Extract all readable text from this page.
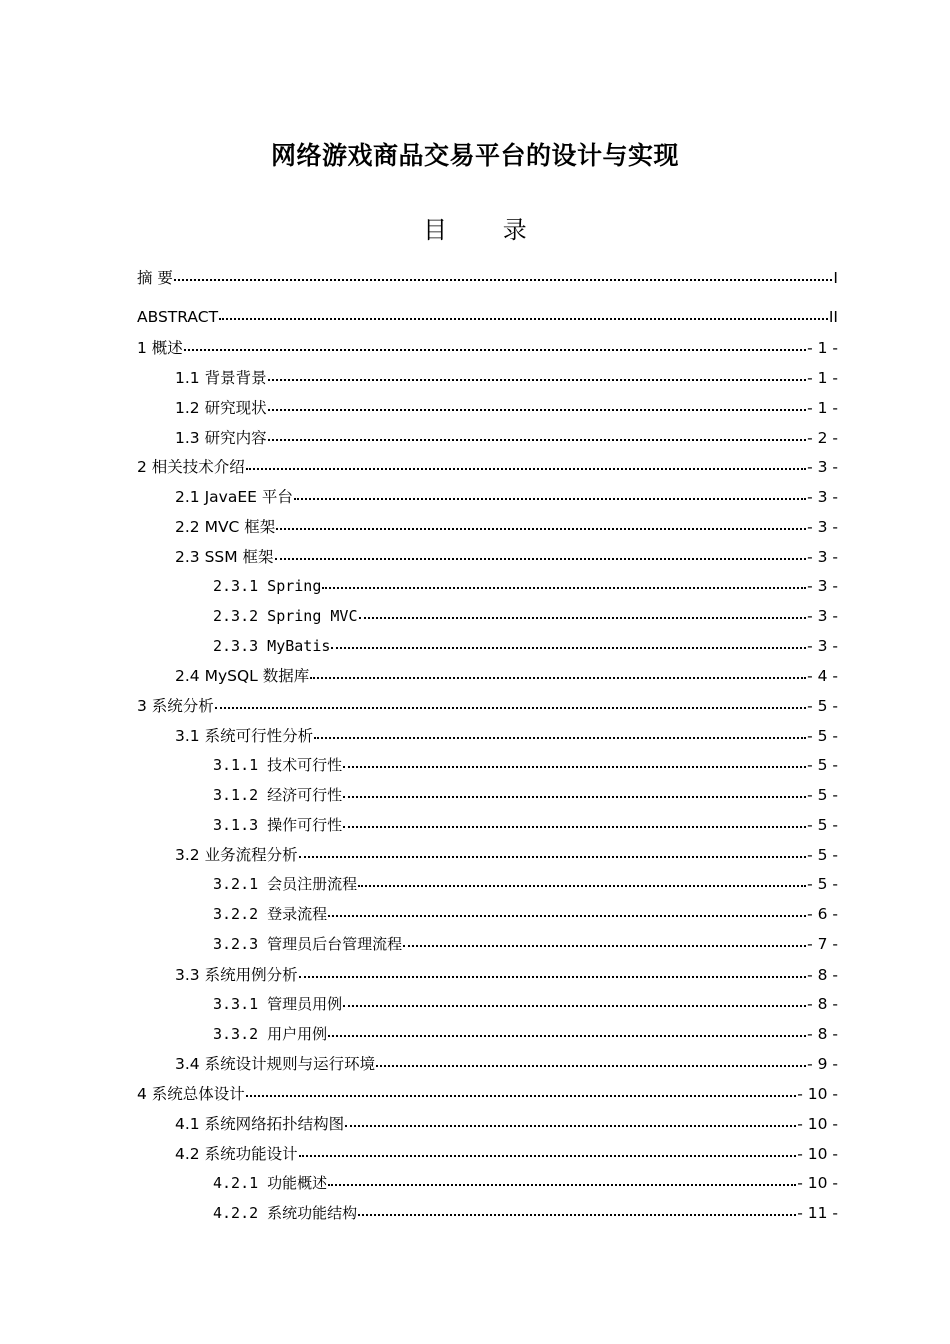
网络游戏商品交易平台的设计与实现
目 录
摘 要	I
ABSTRACT	II
1 概述	- 1 -
1.1 背景背景	- 1 -
1.2 研究现状	- 1 -
1.3 研究内容	- 2 -
2 相关技术介绍	- 3 -
2.1 JavaEE 平台	- 3 -
2.2 MVC 框架	- 3 -
2.3 SSM 框架	- 3 -
2.3.1 Spring	- 3 -
2.3.2 Spring MVC	- 3 -
2.3.3 MyBatis	- 3 -
2.4 MySQL 数据库	- 4 -
3 系统分析	- 5 -
3.1 系统可行性分析	- 5 -
3.1.1 技术可行性	- 5 -
3.1.2 经济可行性	- 5 -
3.1.3 操作可行性	- 5 -
3.2 业务流程分析	- 5 -
3.2.1 会员注册流程	- 5 -
3.2.2 登录流程	- 6 -
3.2.3 管理员后台管理流程	- 7 -
3.3 系统用例分析	- 8 -
3.3.1 管理员用例	- 8 -
3.3.2 用户用例	- 8 -
3.4 系统设计规则与运行环境	- 9 -
4 系统总体设计	- 10 -
4.1 系统网络拓扑结构图	- 10 -
4.2 系统功能设计	- 10 -
4.2.1 功能概述	- 10 -
4.2.2 系统功能结构	- 11 -
